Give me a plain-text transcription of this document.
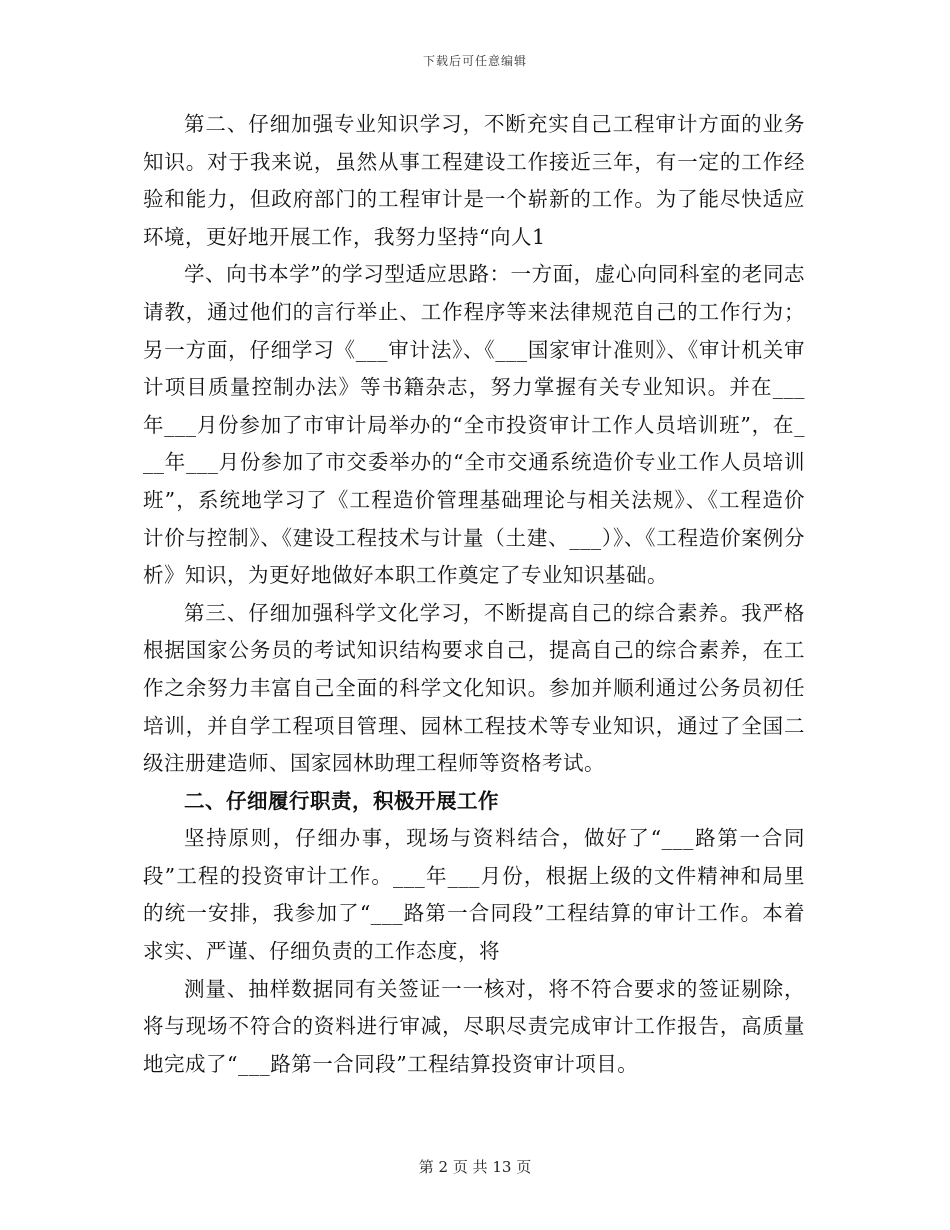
下载后可任意编辑

第二、仔细加强专业知识学习，不断充实自己工程审计方面的业务知识。对于我来说，虽然从事工程建设工作接近三年，有一定的工作经验和能力，但政府部门的工程审计是一个崭新的工作。为了能尽快适应环境，更好地开展工作，我努力坚持“向人1

学、向书本学”的学习型适应思路：一方面，虚心向同科室的老同志请教，通过他们的言行举止、工作程序等来法律规范自己的工作行为；另一方面，仔细学习《___审计法》、《___国家审计准则》、《审计机关审计项目质量控制办法》等书籍杂志，努力掌握有关专业知识。并在___年___月份参加了市审计局举办的“全市投资审计工作人员培训班”，在___年___月份参加了市交委举办的“全市交通系统造价专业工作人员培训班”，系统地学习了《工程造价管理基础理论与相关法规》、《工程造价计价与控制》、《建设工程技术与计量（土建、___）》、《工程造价案例分析》知识，为更好地做好本职工作奠定了专业知识基础。

第三、仔细加强科学文化学习，不断提高自己的综合素养。我严格根据国家公务员的考试知识结构要求自己，提高自己的综合素养，在工作之余努力丰富自己全面的科学文化知识。参加并顺利通过公务员初任培训，并自学工程项目管理、园林工程技术等专业知识，通过了全国二级注册建造师、国家园林助理工程师等资格考试。

二、仔细履行职责，积极开展工作

坚持原则，仔细办事，现场与资料结合，做好了“___路第一合同段”工程的投资审计工作。___年___月份，根据上级的文件精神和局里的统一安排，我参加了“___路第一合同段”工程结算的审计工作。本着求实、严谨、仔细负责的工作态度，将

测量、抽样数据同有关签证一一核对，将不符合要求的签证剔除，将与现场不符合的资料进行审减，尽职尽责完成审计工作报告，高质量地完成了“___路第一合同段”工程结算投资审计项目。

第 2 页 共 13 页
